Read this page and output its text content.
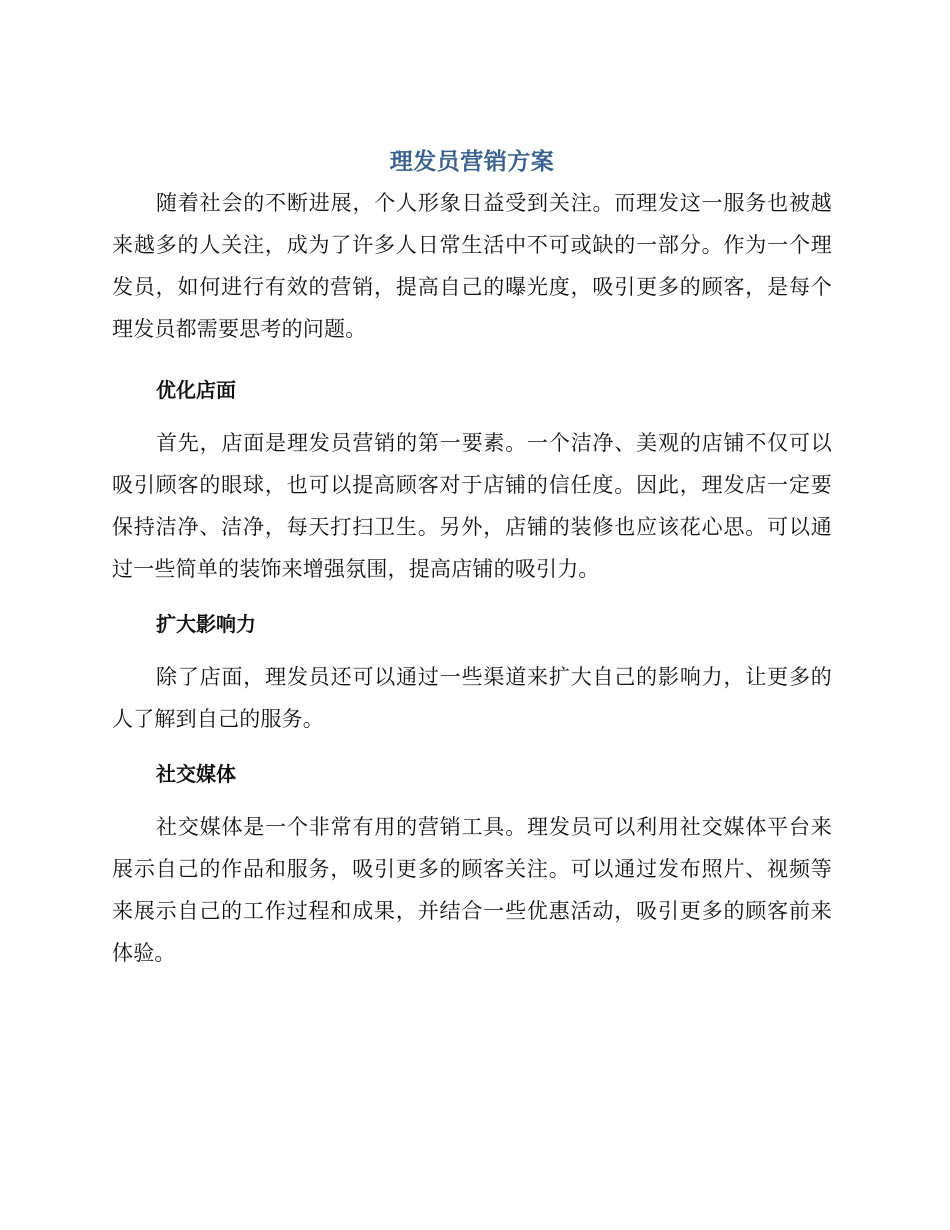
理发员营销方案

随着社会的不断进展，个人形象日益受到关注。而理发这一服务也被越来越多的人关注，成为了许多人日常生活中不可或缺的一部分。作为一个理发员，如何进行有效的营销，提高自己的曝光度，吸引更多的顾客，是每个理发员都需要思考的问题。

优化店面

首先，店面是理发员营销的第一要素。一个洁净、美观的店铺不仅可以吸引顾客的眼球，也可以提高顾客对于店铺的信任度。因此，理发店一定要保持洁净、洁净，每天打扫卫生。另外，店铺的装修也应该花心思。可以通过一些简单的装饰来增强氛围，提高店铺的吸引力。

扩大影响力

除了店面，理发员还可以通过一些渠道来扩大自己的影响力，让更多的人了解到自己的服务。

社交媒体

社交媒体是一个非常有用的营销工具。理发员可以利用社交媒体平台来展示自己的作品和服务，吸引更多的顾客关注。可以通过发布照片、视频等来展示自己的工作过程和成果，并结合一些优惠活动，吸引更多的顾客前来体验。
